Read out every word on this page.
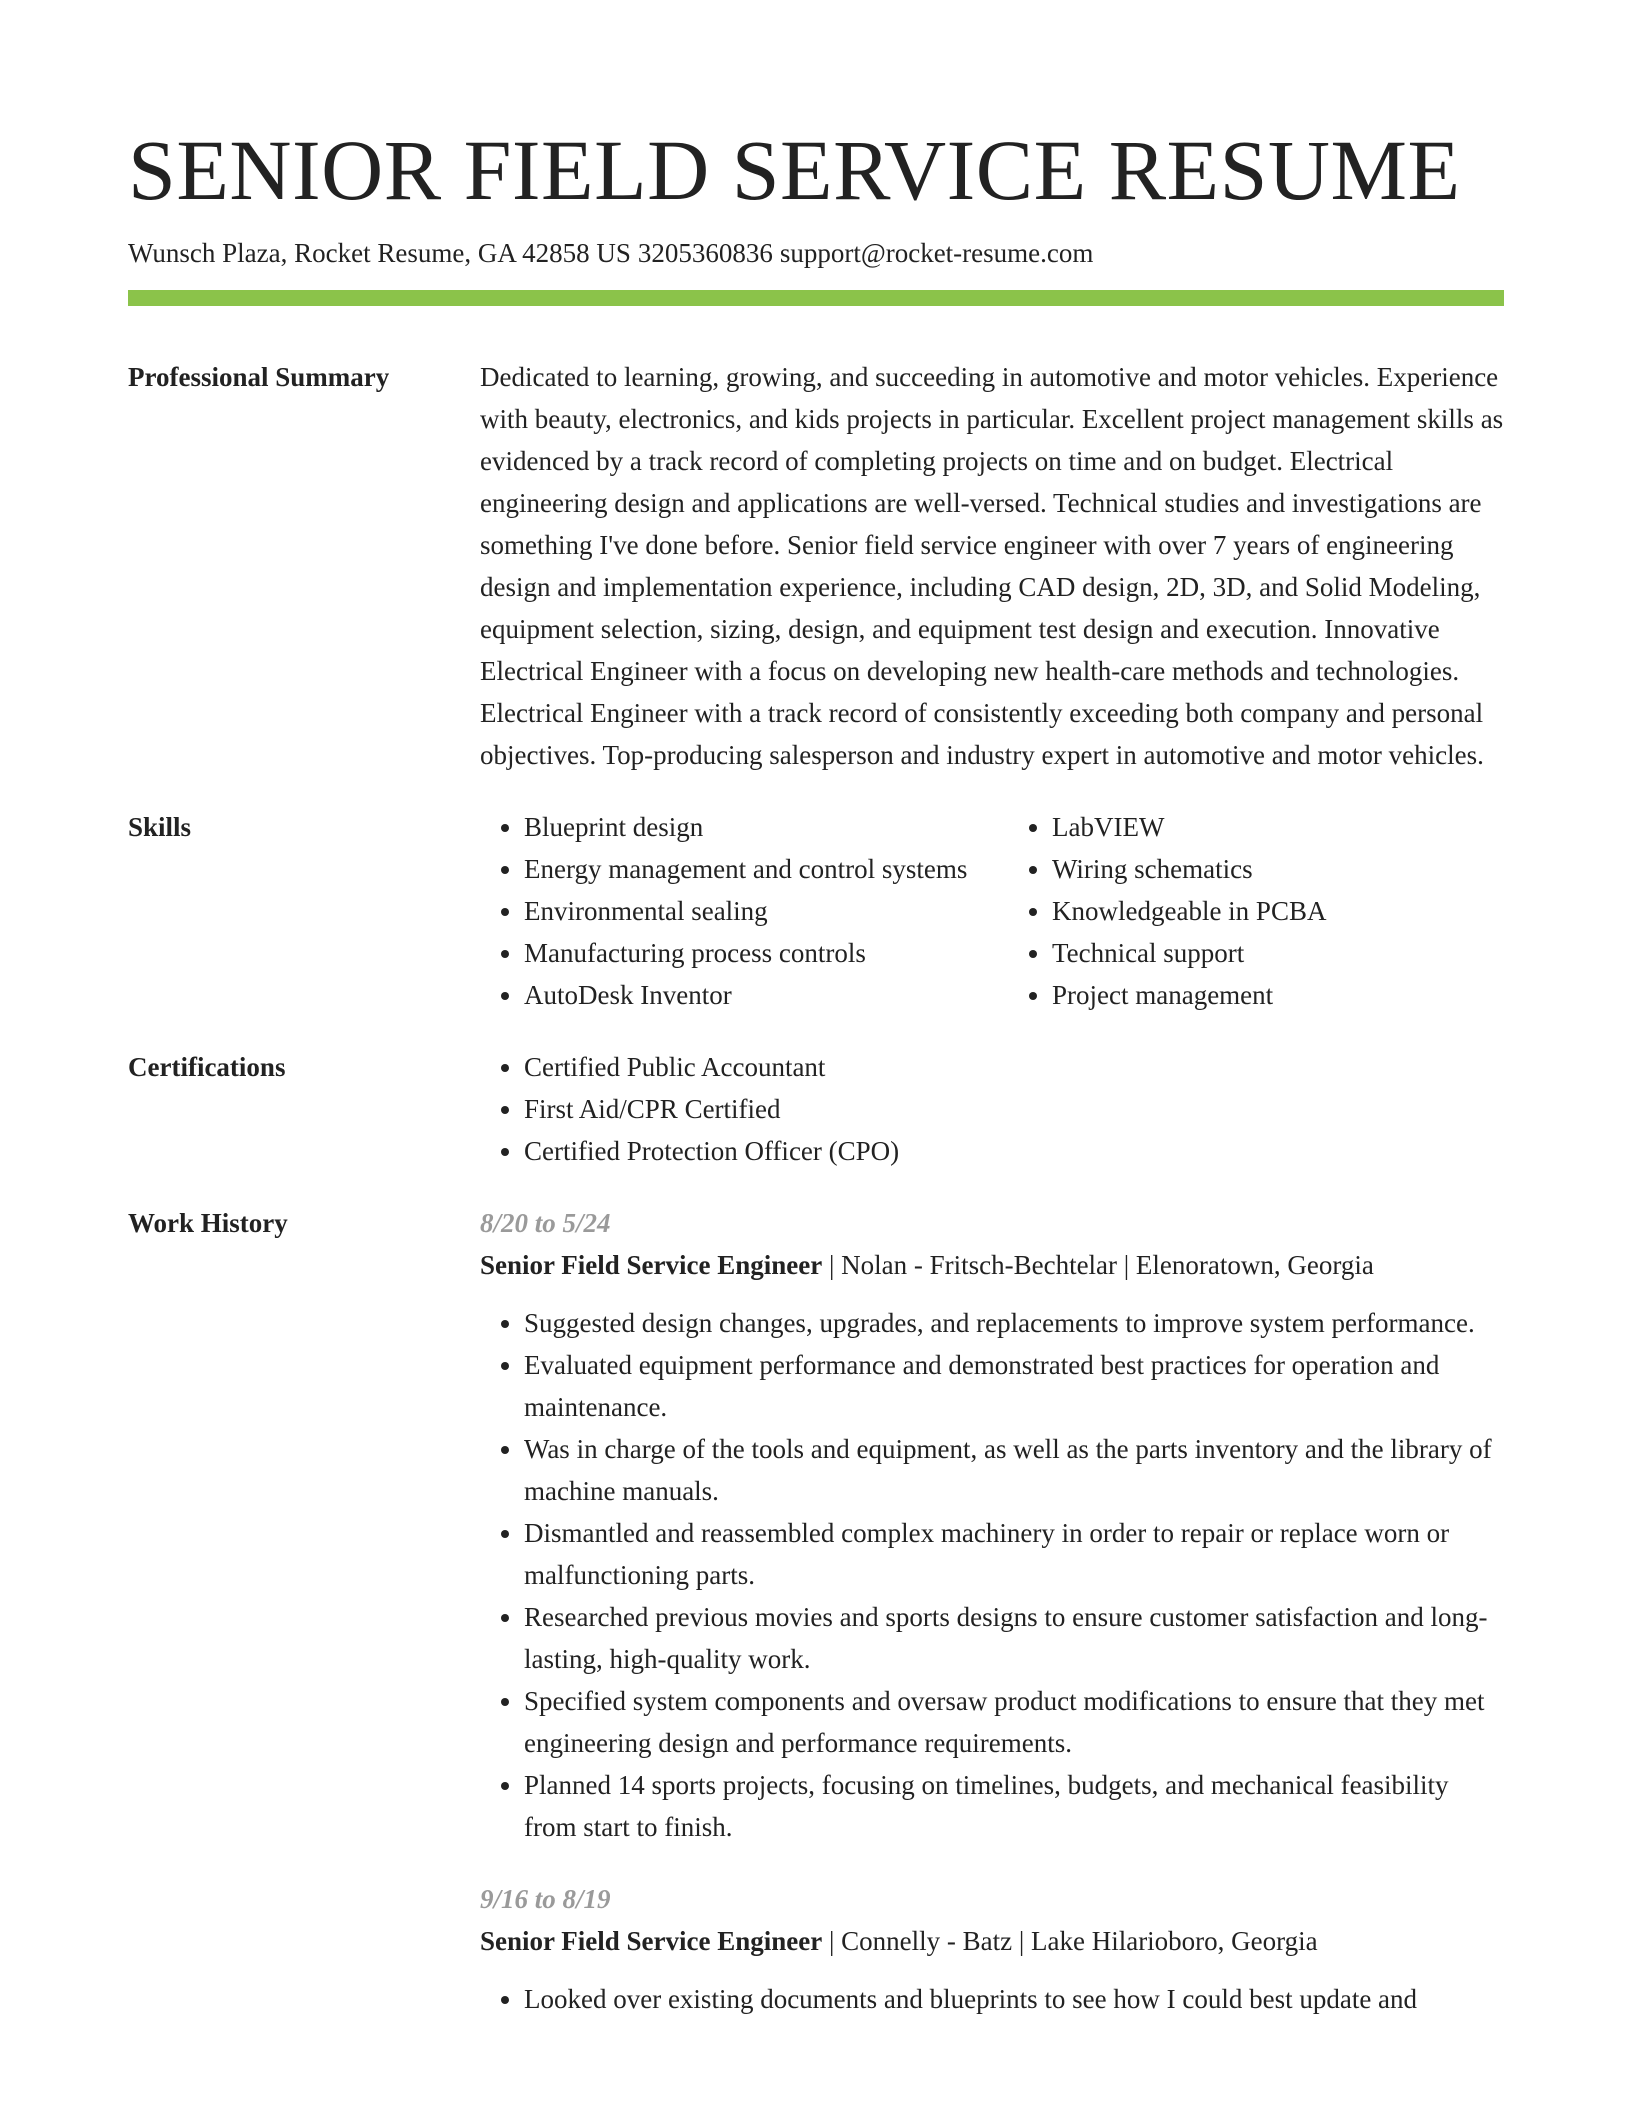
SENIOR FIELD SERVICE RESUME
Wunsch Plaza, Rocket Resume, GA 42858 US 3205360836 support@rocket-resume.com
Professional Summary	Dedicated to learning, growing, and succeeding in automotive and motor vehicles. Experience with beauty, electronics, and kids projects in particular. Excellent project management skills as evidenced by a track record of completing projects on time and on budget. Electrical engineering design and applications are well-versed. Technical studies and investigations are something I've done before. Senior field service engineer with over 7 years of engineering design and implementation experience, including CAD design, 2D, 3D, and Solid Modeling, equipment selection, sizing, design, and equipment test design and execution. Innovative Electrical Engineer with a focus on developing new health-care methods and technologies. Electrical Engineer with a track record of consistently exceeding both company and personal objectives. Top-producing salesperson and industry expert in automotive and motor vehicles.

Skills	• Blueprint design
• Energy management and control systems
• Environmental sealing
• Manufacturing process controls
• AutoDesk Inventor
• LabVIEW
• Wiring schematics
• Knowledgeable in PCBA
• Technical support
• Project management
Certifications	• Certified Public Accountant
• First Aid/CPR Certified
• Certified Protection Officer (CPO)
Work History	8/20 to 5/24

Senior Field Service Engineer | Nolan - Fritsch-Bechtelar | Elenoratown, Georgia

• Suggested design changes, upgrades, and replacements to improve system performance.
• Evaluated equipment performance and demonstrated best practices for operation and maintenance.
• Was in charge of the tools and equipment, as well as the parts inventory and the library of machine manuals.
• Dismantled and reassembled complex machinery in order to repair or replace worn or malfunctioning parts.
• Researched previous movies and sports designs to ensure customer satisfaction and long-lasting, high-quality work.
• Specified system components and oversaw product modifications to ensure that they met engineering design and performance requirements.
• Planned 14 sports projects, focusing on timelines, budgets, and mechanical feasibility from start to finish.
9/16 to 8/19

Senior Field Service Engineer | Connelly - Batz | Lake Hilarioboro, Georgia

• Looked over existing documents and blueprints to see how I could best update and
